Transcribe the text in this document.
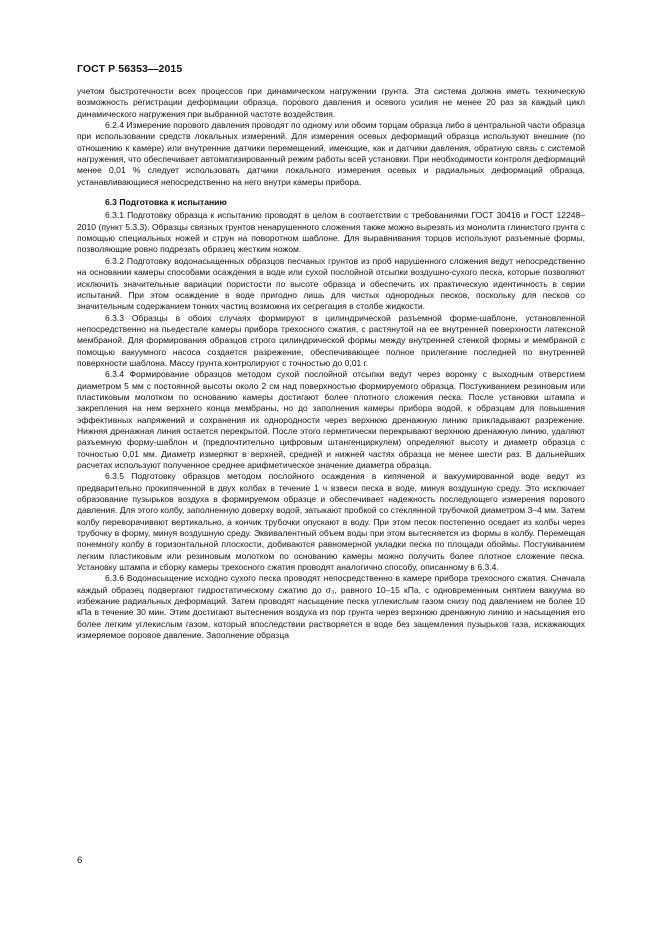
ГОСТ Р 56353—2015

учетом быстротечности всех процессов при динамическом нагружении грунта. Эта система должна иметь техническую возможность регистрации деформации образца, порового давления и осевого усилия не менее 20 раз за каждый цикл динамического нагружения при выбранной частоте воздействия.

6.2.4 Измерение порового давления проводят по одному или обоим торцам образца либо в центральной части образца при использовании средств локальных измерений. Для измерения осевых деформаций образца используют внешние (по отношению к камере) или внутренние датчики перемещений, имеющие, как и датчики давления, обратную связь с системой нагружения, что обеспечивает автоматизированный режим работы всей установки. При необходимости контроля деформаций менее 0,01 % следует использовать датчики локального измерения осевых и радиальных деформаций образца, устанавливающиеся непосредственно на него внутри камеры прибора.

6.3 Подготовка к испытанию

6.3.1 Подготовку образца к испытанию проводят в целом в соответствии с требованиями ГОСТ 30416 и ГОСТ 12248–2010 (пункт 5.3.3). Образцы связных грунтов ненарушенного сложения также можно вырезать из монолита глинистого грунта с помощью специальных ножей и струн на поворотном шаблоне. Для выравнивания торцов используют разъемные формы, позволяющие ровно подрезать образец жестким ножом.

6.3.2 Подготовку водонасыщенных образцов песчаных грунтов из проб нарушенного сложения ведут непосредственно на основании камеры способами осаждения в воде или сухой послойной отсыпки воздушно-сухого песка, которые позволяют исключить значительные вариации пористости по высоте образца и обеспечить их практическую идентичность в серии испытаний. При этом осаждение в воде пригодно лишь для чистых однородных песков, поскольку для песков со значительным содержанием тонких частиц возможна их сегрегация в столбе жидкости.

6.3.3 Образцы в обоих случаях формируют в цилиндрической разъемной форме-шаблоне, установленной непосредственно на пьедестале камеры прибора трехосного сжатия, с растянутой на ее внутренней поверхности латексной мембраной. Для формирования образцов строго цилиндрической формы между внутренней стенкой формы и мембраной с помощью вакуумного насоса создается разрежение, обеспечивающее полное прилегание последней по внутренней поверхности шаблона. Массу грунта контролируют с точностью до 0,01 г.

6.3.4 Формирование образцов методом сухой послойной отсыпки ведут через воронку с выходным отверстием диаметром 5 мм с постоянной высоты около 2 см над поверхностью формируемого образца. Постукиванием резиновым или пластиковым молотком по основанию камеры достигают более плотного сложения песка. После установки штампа и закрепления на нем верхнего конца мембраны, но до заполнения камеры прибора водой, к образцам для повышения эффективных напряжений и сохранения их однородности через верхнюю дренажную линию прикладывают разрежение. Нижняя дренажная линия остается перекрытой. После этого герметически перекрывают верхнюю дренажную линию, удаляют разъемную форму-шаблон и (предпочтительно цифровым штангенциркулем) определяют высоту и диаметр образца с точностью 0,01 мм. Диаметр измеряют в верхней, средней и нижней частях образца не менее шести раз. В дальнейших расчетах используют полученное среднее арифметическое значение диаметра образца.

6.3.5 Подготовку образцов методом послойного осаждения в кипяченой и вакуумированной воде ведут из предварительно прокипяченной в двух колбах в течение 1 ч взвеси песка в воде, минуя воздушную среду. Это исключает образование пузырьков воздуха в формируемом образце и обеспечивает надежность последующего измерения порового давления. Для этого колбу, заполненную доверху водой, затыкают пробкой со стеклянной трубочкой диаметром 3–4 мм. Затем колбу переворачивают вертикально, а кончик трубочки опускают в воду. При этом песок постепенно оседает из колбы через трубочку в форму, минуя воздушную среду. Эквивалентный объем воды при этом вытесняется из формы в колбу. Перемещая понемногу колбу в горизонтальной плоскости, добиваются равномерной укладки песка по площади обоймы. Постукиванием легким пластиковым или резиновым молотком по основанию камеры можно получить более плотное сложение песка. Установку штампа и сборку камеры трехосного сжатия проводят аналогично способу, описанному в 6.3.4.

6.3.6 Водонасыщение исходно сухого песка проводят непосредственно в камере прибора трехосного сжатия. Сначала каждый образец подвергают гидростатическому сжатию до σ₃, равного 10–15 кПа, с одновременным снятием вакуума во избежание радиальных деформаций. Затем проводят насыщение песка углекислым газом снизу под давлением не более 10 кПа в течение 30 мин. Этим достигают вытеснения воздуха из пор грунта через верхнюю дренажную линию и насыщения его более легким углекислым газом, который впоследствии растворяется в воде без защемления пузырьков газа, искажающих измеряемое поровое давление. Заполнение образца

6
